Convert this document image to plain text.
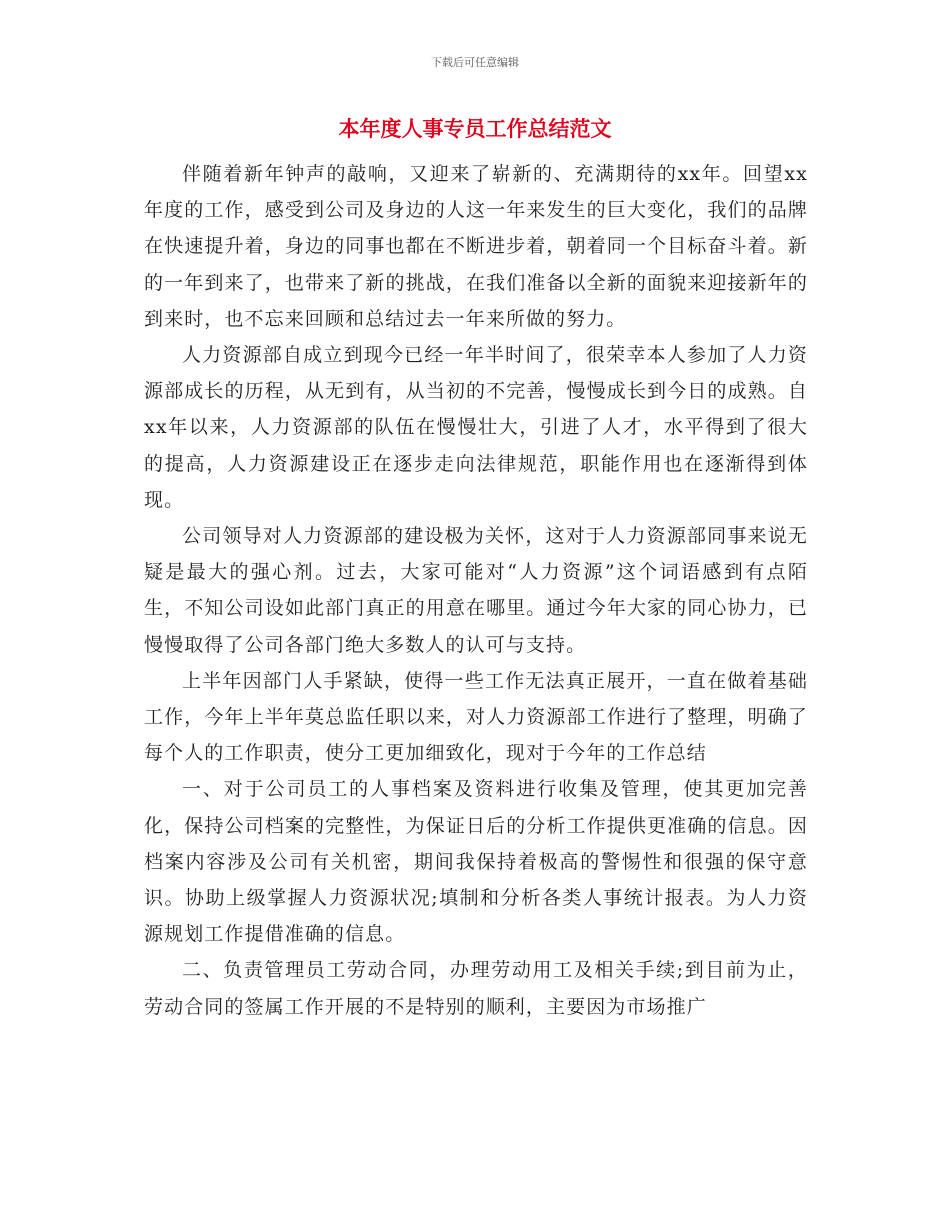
下载后可任意编辑
本年度人事专员工作总结范文

伴随着新年钟声的敲响，又迎来了崭新的、充满期待的xx年。回望xx年度的工作，感受到公司及身边的人这一年来发生的巨大变化，我们的品牌在快速提升着，身边的同事也都在不断进步着，朝着同一个目标奋斗着。新的一年到来了，也带来了新的挑战，在我们准备以全新的面貌来迎接新年的到来时，也不忘来回顾和总结过去一年来所做的努力。

人力资源部自成立到现今已经一年半时间了，很荣幸本人参加了人力资源部成长的历程，从无到有，从当初的不完善，慢慢成长到今日的成熟。自xx年以来，人力资源部的队伍在慢慢壮大，引进了人才，水平得到了很大的提高，人力资源建设正在逐步走向法律规范，职能作用也在逐渐得到体现。

公司领导对人力资源部的建设极为关怀，这对于人力资源部同事来说无疑是最大的强心剂。过去，大家可能对“人力资源”这个词语感到有点陌生，不知公司设如此部门真正的用意在哪里。通过今年大家的同心协力，已慢慢取得了公司各部门绝大多数人的认可与支持。

上半年因部门人手紧缺，使得一些工作无法真正展开，一直在做着基础工作，今年上半年莫总监任职以来，对人力资源部工作进行了整理，明确了每个人的工作职责，使分工更加细致化，现对于今年的工作总结

一、对于公司员工的人事档案及资料进行收集及管理，使其更加完善化，保持公司档案的完整性，为保证日后的分析工作提供更准确的信息。因档案内容涉及公司有关机密，期间我保持着极高的警惕性和很强的保守意识。协助上级掌握人力资源状况;填制和分析各类人事统计报表。为人力资源规划工作提借准确的信息。

二、负责管理员工劳动合同，办理劳动用工及相关手续;到目前为止，劳动合同的签属工作开展的不是特别的顺利，主要因为市场推广
